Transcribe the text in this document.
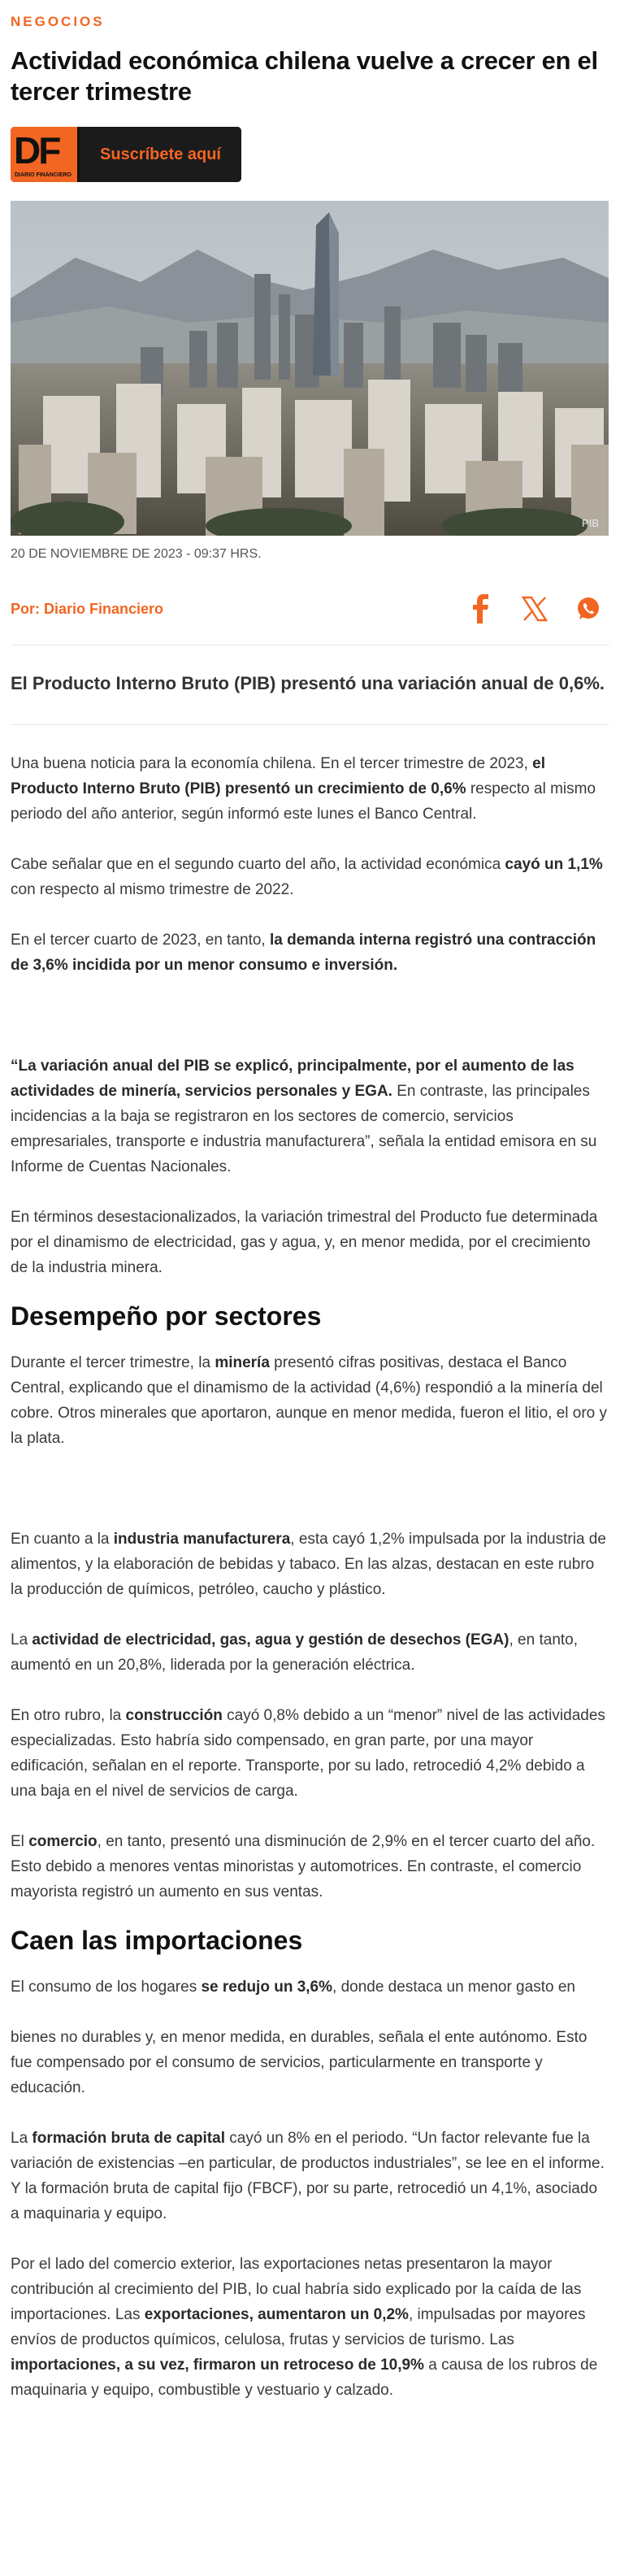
NEGOCIOS
Actividad económica chilena vuelve a crecer en el tercer trimestre
DF
DIARIO FINANCIERO
Suscríbete aquí
PIB
20 DE NOVIEMBRE DE 2023 - 09:37 HRS.
Por: Diario Financiero
El Producto Interno Bruto (PIB) presentó una variación anual de 0,6%.

Una buena noticia para la economía chilena. En el tercer trimestre de 2023, el Producto Interno Bruto (PIB) presentó un crecimiento de 0,6% respecto al mismo periodo del año anterior, según informó este lunes el Banco Central.

Cabe señalar que en el segundo cuarto del año, la actividad económica cayó un 1,1% con respecto al mismo trimestre de 2022.

En el tercer cuarto de 2023, en tanto, la demanda interna registró una contracción de 3,6% incidida por un menor consumo e inversión.

“La variación anual del PIB se explicó, principalmente, por el aumento de las actividades de minería, servicios personales y EGA. En contraste, las principales incidencias a la baja se registraron en los sectores de comercio, servicios empresariales, transporte e industria manufacturera”, señala la entidad emisora en su Informe de Cuentas Nacionales.

En términos desestacionalizados, la variación trimestral del Producto fue determinada por el dinamismo de electricidad, gas y agua, y, en menor medida, por el crecimiento de la industria minera.

Desempeño por sectores

Durante el tercer trimestre, la minería presentó cifras positivas, destaca el Banco Central, explicando que el dinamismo de la actividad (4,6%) respondió a la minería del cobre. Otros minerales que aportaron, aunque en menor medida, fueron el litio, el oro y la plata.

En cuanto a la industria manufacturera, esta cayó 1,2% impulsada por la industria de alimentos, y la elaboración de bebidas y tabaco. En las alzas, destacan en este rubro la producción de químicos, petróleo, caucho y plástico.

La actividad de electricidad, gas, agua y gestión de desechos (EGA), en tanto, aumentó en un 20,8%, liderada por la generación eléctrica.

En otro rubro, la construcción cayó 0,8% debido a un “menor” nivel de las actividades especializadas. Esto habría sido compensado, en gran parte, por una mayor edificación, señalan en el reporte. Transporte, por su lado, retrocedió 4,2% debido a una baja en el nivel de servicios de carga.

El comercio, en tanto, presentó una disminución de 2,9% en el tercer cuarto del año. Esto debido a menores ventas minoristas y automotrices. En contraste, el comercio mayorista registró un aumento en sus ventas.

Caen las importaciones

El consumo de los hogares se redujo un 3,6%, donde destaca un menor gasto en

bienes no durables y, en menor medida, en durables, señala el ente autónomo. Esto fue compensado por el consumo de servicios, particularmente en transporte y educación.

La formación bruta de capital cayó un 8% en el periodo. “Un factor relevante fue la variación de existencias –en particular, de productos industriales”, se lee en el informe. Y la formación bruta de capital fijo (FBCF), por su parte, retrocedió un 4,1%, asociado a maquinaria y equipo.

Por el lado del comercio exterior, las exportaciones netas presentaron la mayor contribución al crecimiento del PIB, lo cual habría sido explicado por la caída de las importaciones. Las exportaciones, aumentaron un 0,2%, impulsadas por mayores envíos de productos químicos, celulosa, frutas y servicios de turismo. Las importaciones, a su vez, firmaron un retroceso de 10,9% a causa de los rubros de maquinaria y equipo, combustible y vestuario y calzado.
